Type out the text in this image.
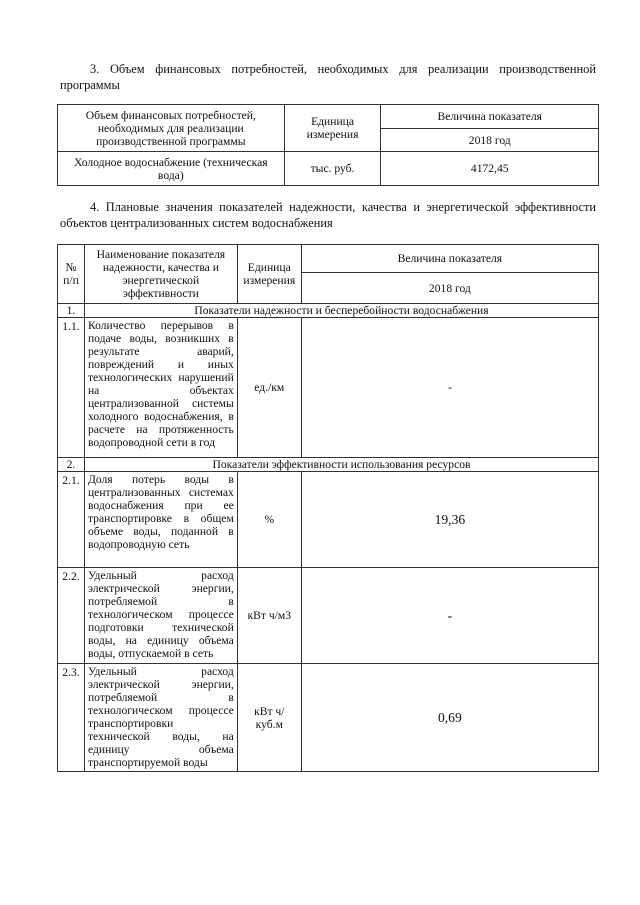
3. Объем финансовых потребностей, необходимых для реализации производственной программы
Объем финансовых потребностей, необходимых для реализации производственной программы	Единица измерения	Величина показателя
		2018 год
Холодное водоснабжение (техническая вода)	тыс. руб.	4172,45
4. Плановые значения показателей надежности, качества и энергетической эффективности объектов централизованных систем водоснабжения
№ п/п	Наименование показателя надежности, качества и энергетической эффективности	Единица измерения	Величина показателя
			2018 год
1.	Показатели надежности и бесперебойности водоснабжения		
1.1.	Количество перерывов в подаче воды, возникших в результате аварий, повреждений и иных технологических нарушений на объектах централизованной системы холодного водоснабжения, в расчете на протяженность водопроводной сети в год	ед./км	-
2.	Показатели эффективности использования ресурсов		
2.1.	Доля потерь воды в централизованных системах водоснабжения при ее транспортировке в общем объеме воды, поданной в водопроводную сеть	%	19,36
2.2.	Удельный расход электрической энергии, потребляемой в технологическом процессе подготовки технической воды, на единицу объема воды, отпускаемой в сеть	кВт ч/м3	-
2.3.	Удельный расход электрической энергии, потребляемой в технологическом процессе транспортировки технической воды, на единицу объема транспортируемой воды	кВт ч/куб.м	0,69
